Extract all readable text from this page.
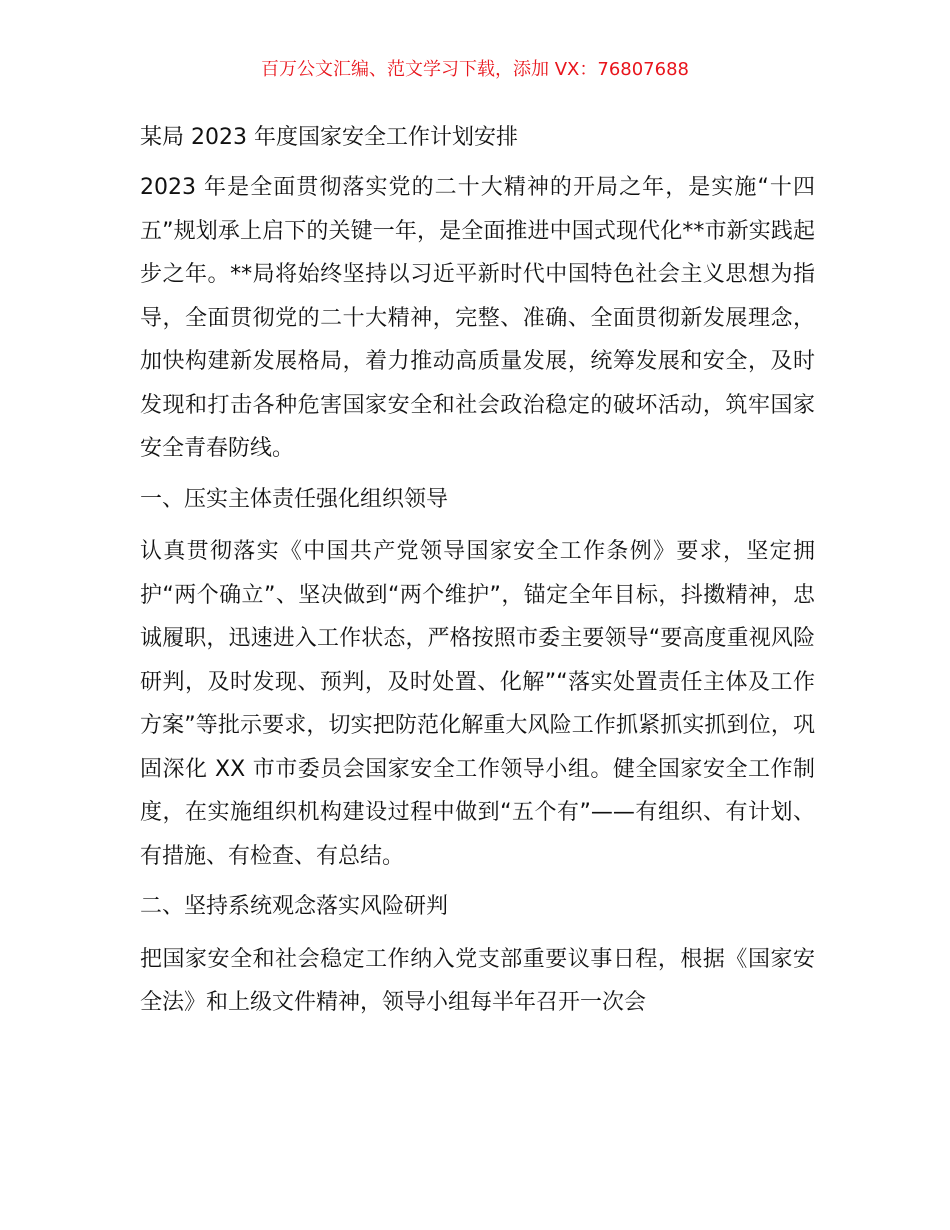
百万公文汇编、范文学习下载，添加 VX：76807688
某局 2023 年度国家安全工作计划安排

2023 年是全面贯彻落实党的二十大精神的开局之年，是实施“十四五”规划承上启下的关键一年，是全面推进中国式现代化**市新实践起步之年。**局将始终坚持以习近平新时代中国特色社会主义思想为指导，全面贯彻党的二十大精神，完整、准确、全面贯彻新发展理念，加快构建新发展格局，着力推动高质量发展，统筹发展和安全，及时发现和打击各种危害国家安全和社会政治稳定的破坏活动，筑牢国家安全青春防线。

一、压实主体责任强化组织领导

认真贯彻落实《中国共产党领导国家安全工作条例》要求，坚定拥护“两个确立”、坚决做到“两个维护”，锚定全年目标，抖擞精神，忠诚履职，迅速进入工作状态，严格按照市委主要领导“要高度重视风险研判，及时发现、预判，及时处置、化解”“落实处置责任主体及工作方案”等批示要求，切实把防范化解重大风险工作抓紧抓实抓到位，巩固深化 XX 市市委员会国家安全工作领导小组。健全国家安全工作制度，在实施组织机构建设过程中做到“五个有”——有组织、有计划、有措施、有检查、有总结。

二、坚持系统观念落实风险研判

把国家安全和社会稳定工作纳入党支部重要议事日程，根据《国家安全法》和上级文件精神，领导小组每半年召开一次会
